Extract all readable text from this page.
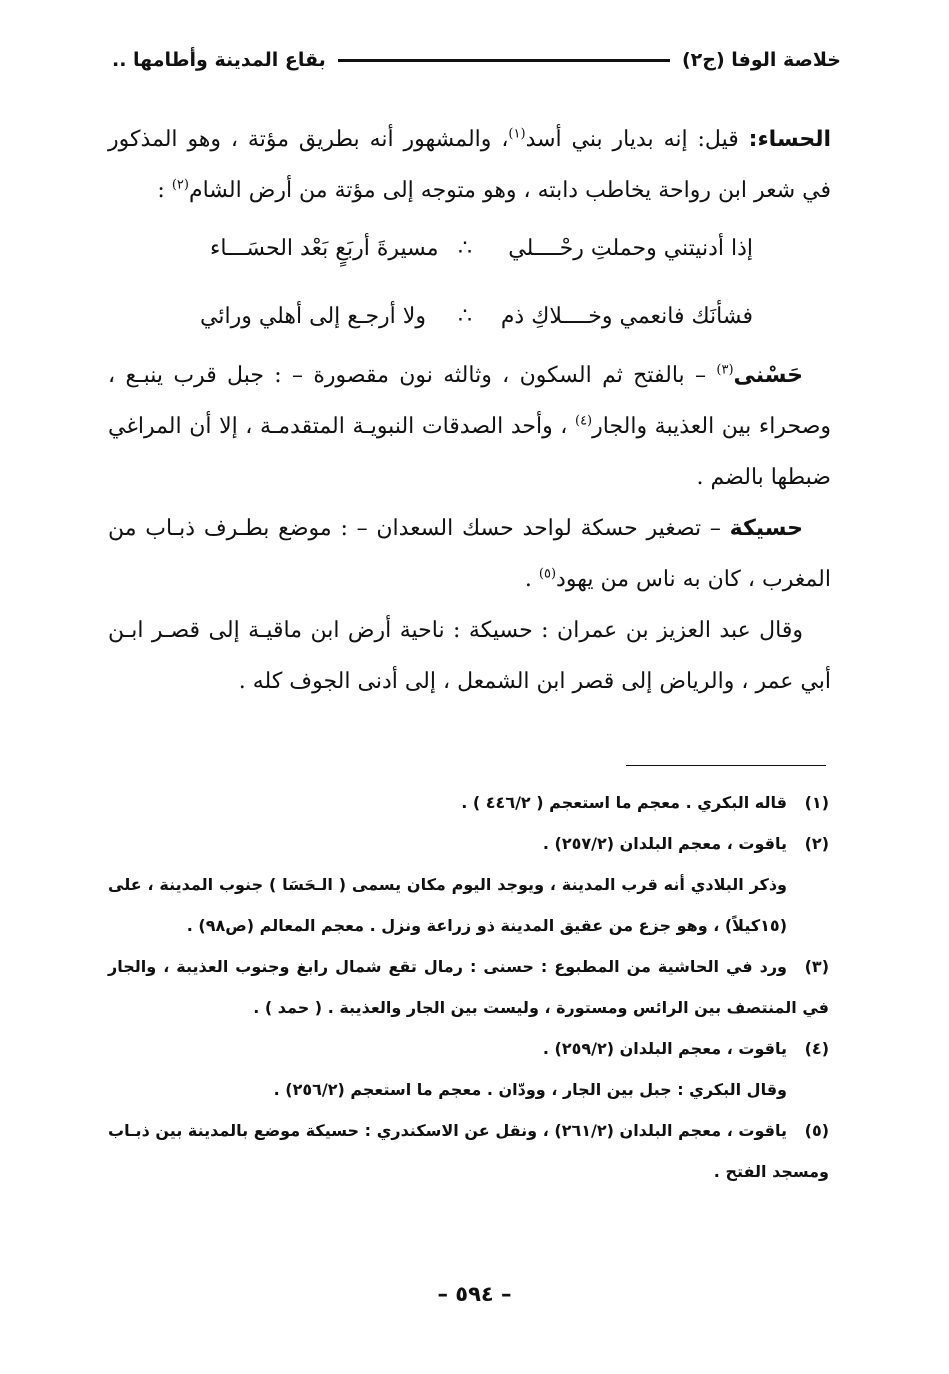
خلاصة الوفا (ج٢)
بقاع المدينة وأطامها ..

الحساء: قيل: إنه بديار بني أسد$^{(١)}$، والمشهور أنه بطريق مؤتة ، وهو المذكور في شعر ابن رواحة يخاطب دابته ، وهو متوجه إلى مؤتة من أرض الشام$^{(٢)}$ :

إذا أدنيتني وحملتِ رحْــــلي
∴
مسيرةَ أربَعٍ بَعْد الحسَـــاء
فشأنَك فانعمي وخــــلاكِ ذم
∴
ولا أرجـع إلى أهلي ورائي

حَسْنى$^{(٣)}$ – بالفتح ثم السكون ، وثالثه نون مقصورة – : جبل قرب ينبـع ، وصحراء بين العذيبة والجار$^{(٤)}$ ، وأحد الصدقات النبويـة المتقدمـة ، إلا أن المراغي ضبطها بالضم .

حسيكة – تصغير حسكة لواحد حسك السعدان – : موضع بطـرف ذبـاب من المغرب ، كان به ناس من يهود$^{(٥)}$ .

وقال عبد العزيز بن عمران : حسيكة : ناحية أرض ابن ماقيـة إلى قصـر ابـن أبي عمر ، والرياض إلى قصر ابن الشمعل ، إلى أدنى الجوف كله .

(١)قاله البكري . معجم ما استعجم ( ٤٤٦/٢ ) .

(٢)ياقوت ، معجم البلدان (٢٥٧/٢) .

وذكر البلادي أنه قرب المدينة ، ويوجد اليوم مكان يسمى ( الـحَسَا ) جنوب المدينة ، على (١٥كيلاً) ، وهو جزع من عقيق المدينة ذو زراعة ونزل . معجم المعالم (ص٩٨) .

(٣)ورد في الحاشية من المطبوع : حسنى : رمال تقع شمال رابغ وجنوب العذيبة ، والجار في المنتصف بين الرائس ومستورة ، وليست بين الجار والعذيبة . ( حمد ) .

(٤)ياقوت ، معجم البلدان (٢٥٩/٢) .

وقال البكري : جبل بين الجار ، وودّان . معجم ما استعجم (٢٥٦/٢) .

(٥)ياقوت ، معجم البلدان (٢٦١/٢) ، ونقل عن الاسكندري : حسيكة موضع بالمدينة بين ذبـاب ومسجد الفتح .

– ٥٩٤ –
